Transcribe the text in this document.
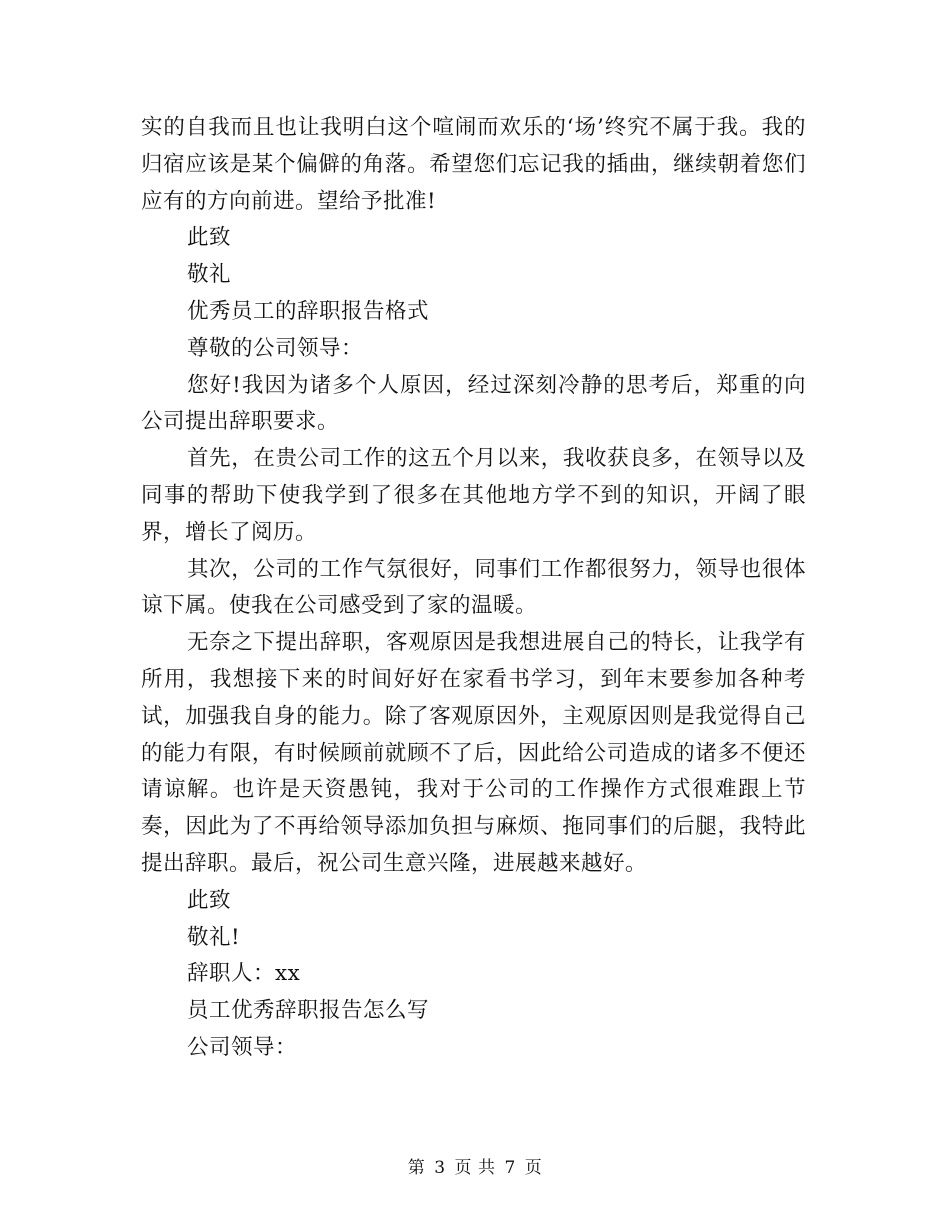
实的自我而且也让我明白这个喧闹而欢乐的‘场’终究不属于我。我的归宿应该是某个偏僻的角落。希望您们忘记我的插曲，继续朝着您们应有的方向前进。望给予批准!

此致

敬礼

优秀员工的辞职报告格式

尊敬的公司领导：

您好!我因为诸多个人原因，经过深刻冷静的思考后，郑重的向公司提出辞职要求。

首先，在贵公司工作的这五个月以来，我收获良多，在领导以及同事的帮助下使我学到了很多在其他地方学不到的知识，开阔了眼界，增长了阅历。

其次，公司的工作气氛很好，同事们工作都很努力，领导也很体谅下属。使我在公司感受到了家的温暖。

无奈之下提出辞职，客观原因是我想进展自己的特长，让我学有所用，我想接下来的时间好好在家看书学习，到年末要参加各种考试，加强我自身的能力。除了客观原因外，主观原因则是我觉得自己的能力有限，有时候顾前就顾不了后，因此给公司造成的诸多不便还请谅解。也许是天资愚钝，我对于公司的工作操作方式很难跟上节奏，因此为了不再给领导添加负担与麻烦、拖同事们的后腿，我特此提出辞职。最后，祝公司生意兴隆，进展越来越好。

此致

敬礼!

辞职人：xx

员工优秀辞职报告怎么写

公司领导：

第 3 页 共 7 页
